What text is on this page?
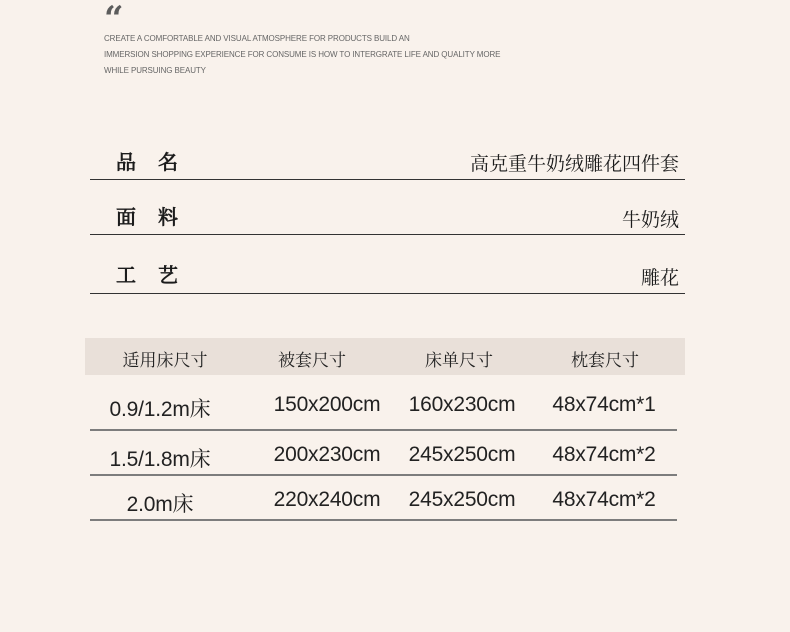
“
CREATE A COMFORTABLE AND VISUAL ATMOSPHERE FOR PRODUCTS BUILD AN
IMMERSION SHOPPING EXPERIENCE FOR CONSUME IS HOW TO INTERGRATE LIFE AND QUALITY MORE
WHILE PURSUING BEAUTY
品名	高克重牛奶绒雕花四件套
面料	牛奶绒
工艺	雕花
适用床尺寸	被套尺寸	床单尺寸	枕套尺寸
0.9/1.2m床	150x200cm 160x230cm 48x74cm*1
1.5/1.8m床	200x230cm 245x250cm 48x74cm*2
2.0m床	220x240cm 245x250cm 48x74cm*2
